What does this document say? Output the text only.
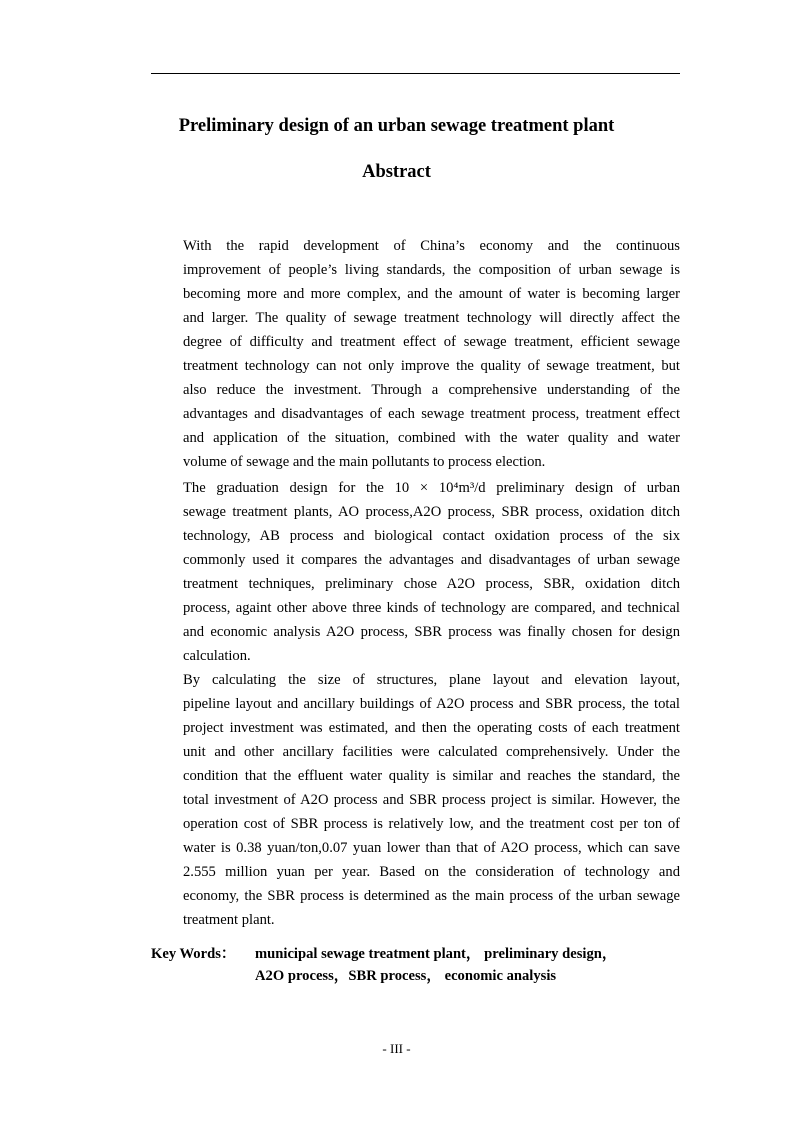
Preliminary design of an urban sewage treatment plant
Abstract

With the rapid development of China’s economy and the continuous
improvement of people’s living standards, the composition of urban sewage is
becoming more and more complex, and the amount of water is becoming larger
and larger. The quality of sewage treatment technology will directly affect the
degree of difficulty and treatment effect of sewage treatment, efficient sewage
treatment technology can not only improve the quality of sewage treatment, but
also reduce the investment. Through a comprehensive understanding of the
advantages and disadvantages of each sewage treatment process, treatment effect
and application of the situation, combined with the water quality and water
volume of sewage and the main pollutants to process election.

The graduation design for the 10 × 10⁴m³/d preliminary design of urban
sewage treatment plants, AO process,A2O process, SBR process, oxidation ditch
technology, AB process and biological contact oxidation process of the six
commonly used it compares the advantages and disadvantages of urban sewage
treatment techniques, preliminary chose A2O process, SBR, oxidation ditch
process, againt other above three kinds of technology are compared, and technical
and economic analysis A2O process, SBR process was finally chosen for design
calculation.

By calculating the size of structures, plane layout and elevation layout,
pipeline layout and ancillary buildings of A2O process and SBR process, the total
project investment was estimated, and then the operating costs of each treatment
unit and other ancillary facilities were calculated comprehensively. Under the
condition that the effluent water quality is similar and reaches the standard, the
total investment of A2O process and SBR process project is similar. However, the
operation cost of SBR process is relatively low, and the treatment cost per ton of
water is 0.38 yuan/ton,0.07 yuan lower than that of A2O process, which can save
2.555 million yuan per year. Based on the consideration of technology and
economy, the SBR process is determined as the main process of the urban sewage
treatment plant.

Key Words： municipal sewage treatment plant， preliminary design，
A2O process，SBR process， economic analysis
- III -
